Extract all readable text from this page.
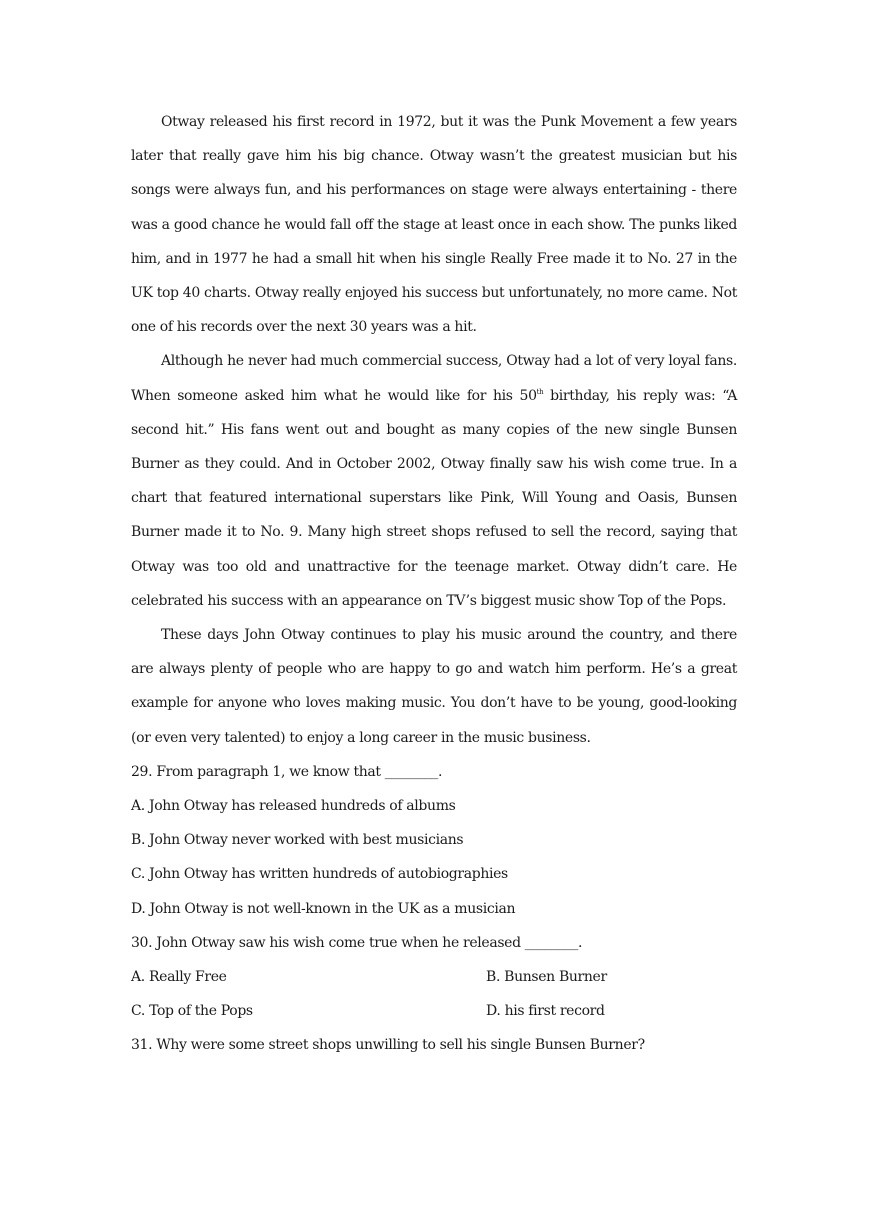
Otway released his first record in 1972, but it was the Punk Movement a few years later that really gave him his big chance. Otway wasn’t the greatest musician but his songs were always fun, and his performances on stage were always entertaining - there was a good chance he would fall off the stage at least once in each show. The punks liked him, and in 1977 he had a small hit when his single Really Free made it to No. 27 in the UK top 40 charts. Otway really enjoyed his success but unfortunately, no more came. Not one of his records over the next 30 years was a hit.

Although he never had much commercial success, Otway had a lot of very loyal fans. When someone asked him what he would like for his 50th birthday, his reply was: “A second hit.” His fans went out and bought as many copies of the new single Bunsen Burner as they could. And in October 2002, Otway finally saw his wish come true. In a chart that featured international superstars like Pink, Will Young and Oasis, Bunsen Burner made it to No. 9. Many high street shops refused to sell the record, saying that Otway was too old and unattractive for the teenage market. Otway didn’t care. He celebrated his success with an appearance on TV’s biggest music show Top of the Pops.

These days John Otway continues to play his music around the country, and there are always plenty of people who are happy to go and watch him perform. He’s a great example for anyone who loves making music. You don’t have to be young, good-looking (or even very talented) to enjoy a long career in the music business.

29. From paragraph 1, we know that ________.

A. John Otway has released hundreds of albums

B. John Otway never worked with best musicians

C. John Otway has written hundreds of autobiographies

D. John Otway is not well-known in the UK as a musician

30. John Otway saw his wish come true when he released ________.

A. Really Free	B. Bunsen Burner
C. Top of the Pops	D. his first record

31. Why were some street shops unwilling to sell his single Bunsen Burner?
